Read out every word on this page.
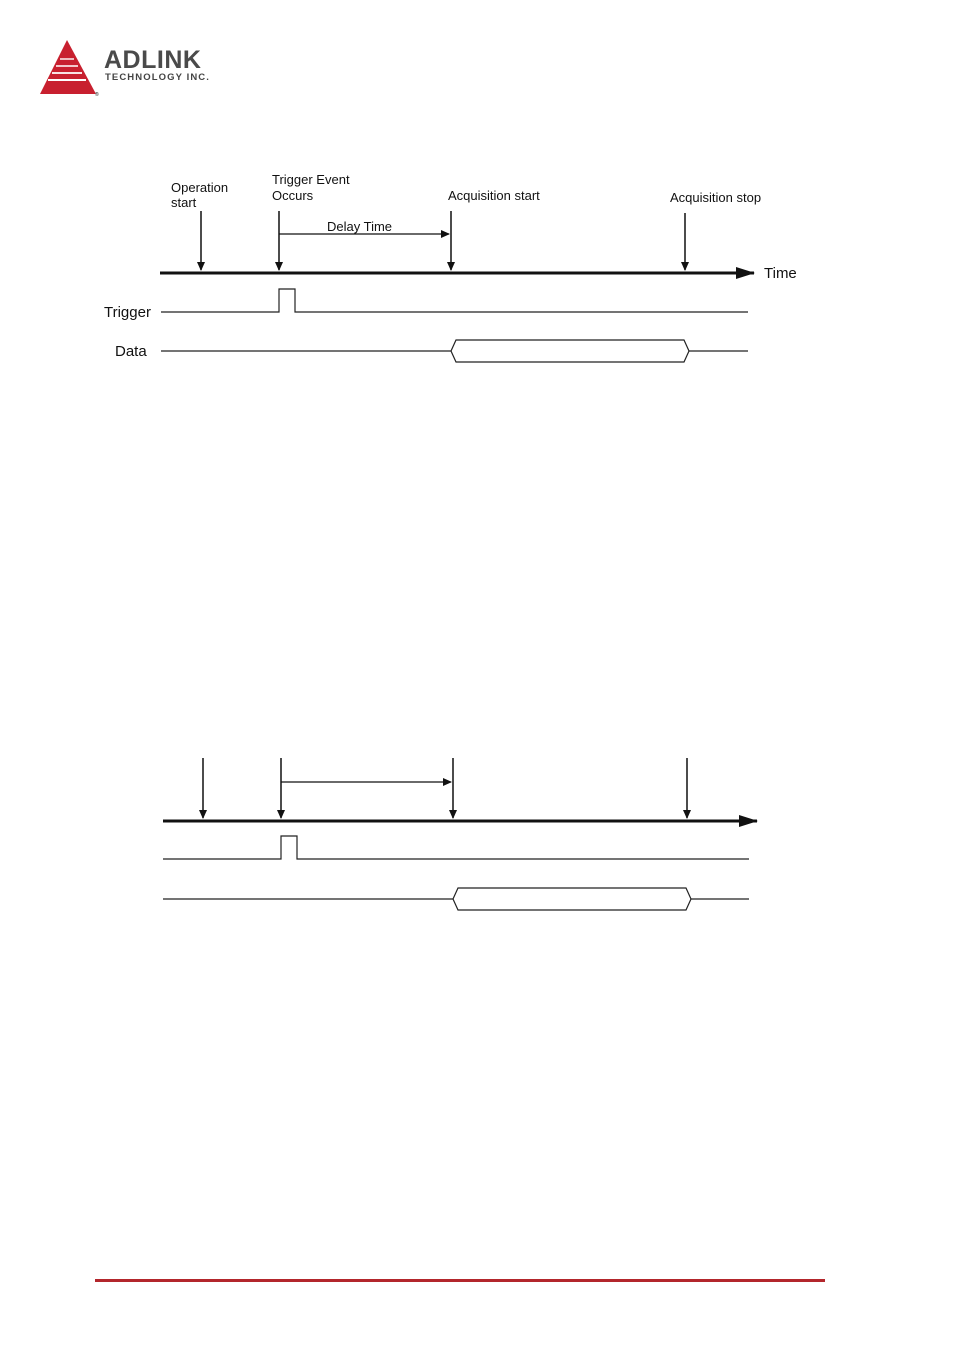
®
ADLINK
TECHNOLOGY INC.
Operation
start
Trigger Event
Occurs	Acquisition start	Acquisition stop
Delay Time
Time
Trigger
Data
